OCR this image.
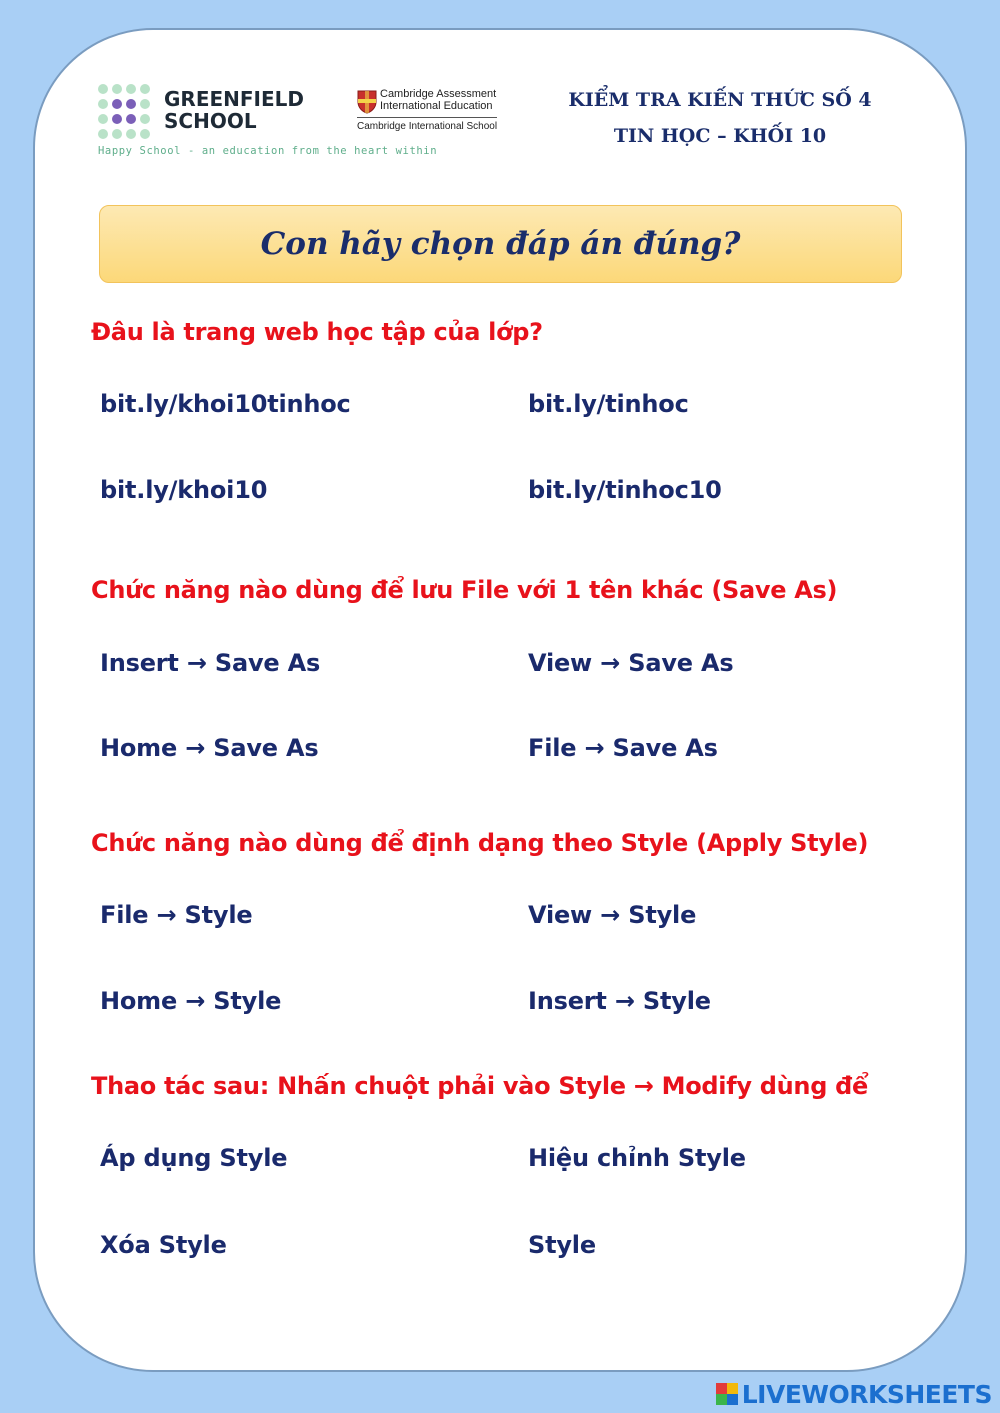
GREENFIELD
SCHOOL
Happy School - an education from the heart within
Cambridge Assessment
International Education
Cambridge International School
KIỂM TRA KIẾN THỨC SỐ 4
TIN HỌC – KHỐI 10
Con hãy chọn đáp án đúng?
Đâu là trang web học tập của lớp?
bit.ly/khoi10tinhoc	bit.ly/tinhoc
bit.ly/khoi10	bit.ly/tinhoc10
Chức năng nào dùng để lưu File với 1 tên khác (Save As)
Insert → Save As	View → Save As
Home → Save As	File → Save As
Chức năng nào dùng để định dạng theo Style (Apply Style)
File → Style	View → Style
Home → Style	Insert → Style
Thao tác sau: Nhấn chuột phải vào Style → Modify dùng để
Áp dụng Style	Hiệu chỉnh Style
Xóa Style	Style
LIVEWORKSHEETS
